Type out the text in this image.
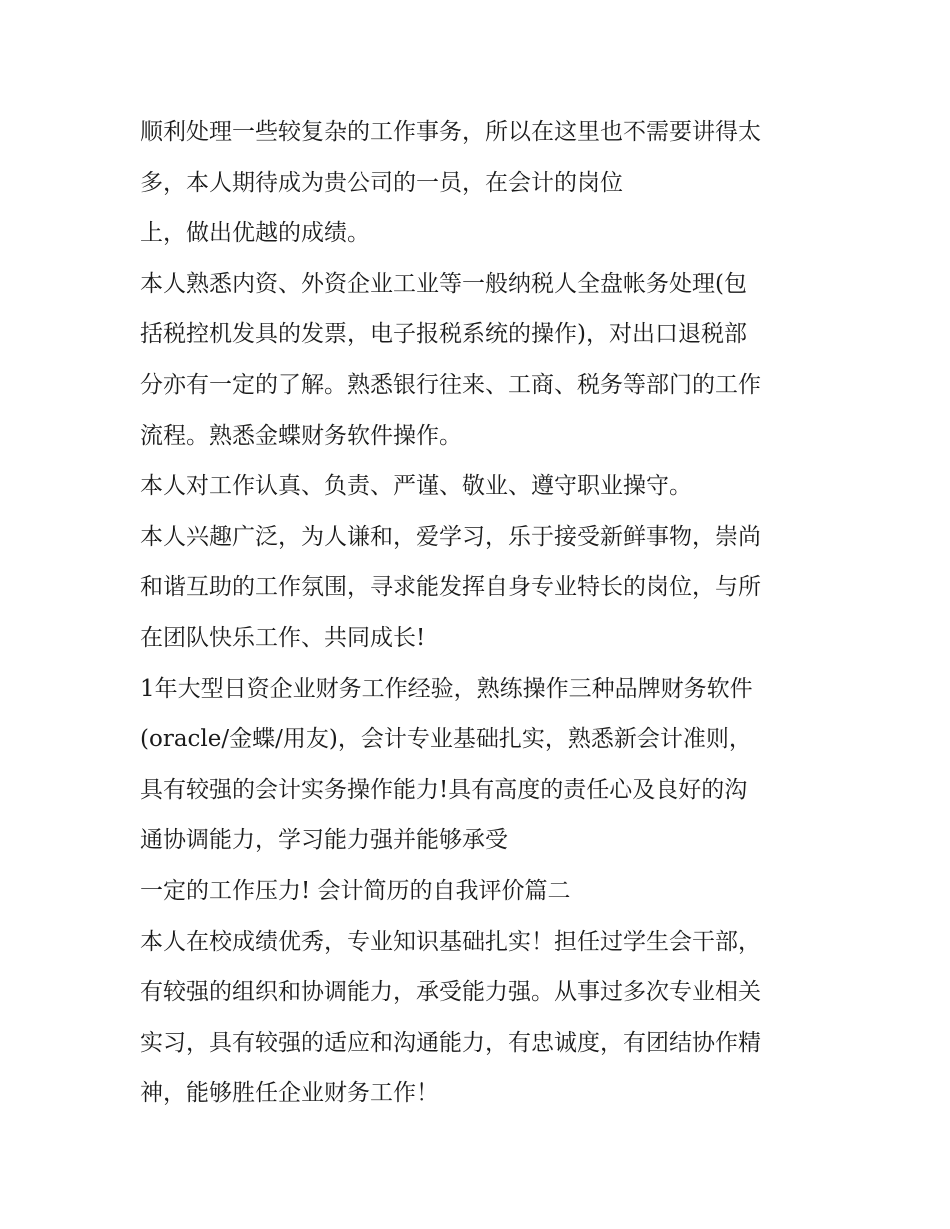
顺利处理一些较复杂的工作事务，所以在这里也不需要讲得太
多，本人期待成为贵公司的一员，在会计的岗位
上，做出优越的成绩。
本人熟悉内资、外资企业工业等一般纳税人全盘帐务处理(包
括税控机发具的发票，电子报税系统的操作)，对出口退税部
分亦有一定的了解。熟悉银行往来、工商、税务等部门的工作
流程。熟悉金蝶财务软件操作。
本人对工作认真、负责、严谨、敬业、遵守职业操守。
本人兴趣广泛，为人谦和，爱学习，乐于接受新鲜事物，崇尚
和谐互助的工作氛围，寻求能发挥自身专业特长的岗位，与所
在团队快乐工作、共同成长!
1年大型日资企业财务工作经验，熟练操作三种品牌财务软件
(oracle/金蝶/用友)，会计专业基础扎实，熟悉新会计准则，
具有较强的会计实务操作能力!具有高度的责任心及良好的沟
通协调能力，学习能力强并能够承受
一定的工作压力! 会计简历的自我评价篇二
本人在校成绩优秀，专业知识基础扎实！担任过学生会干部，
有较强的组织和协调能力，承受能力强。从事过多次专业相关
实习，具有较强的适应和沟通能力，有忠诚度，有团结协作精
神，能够胜任企业财务工作！
